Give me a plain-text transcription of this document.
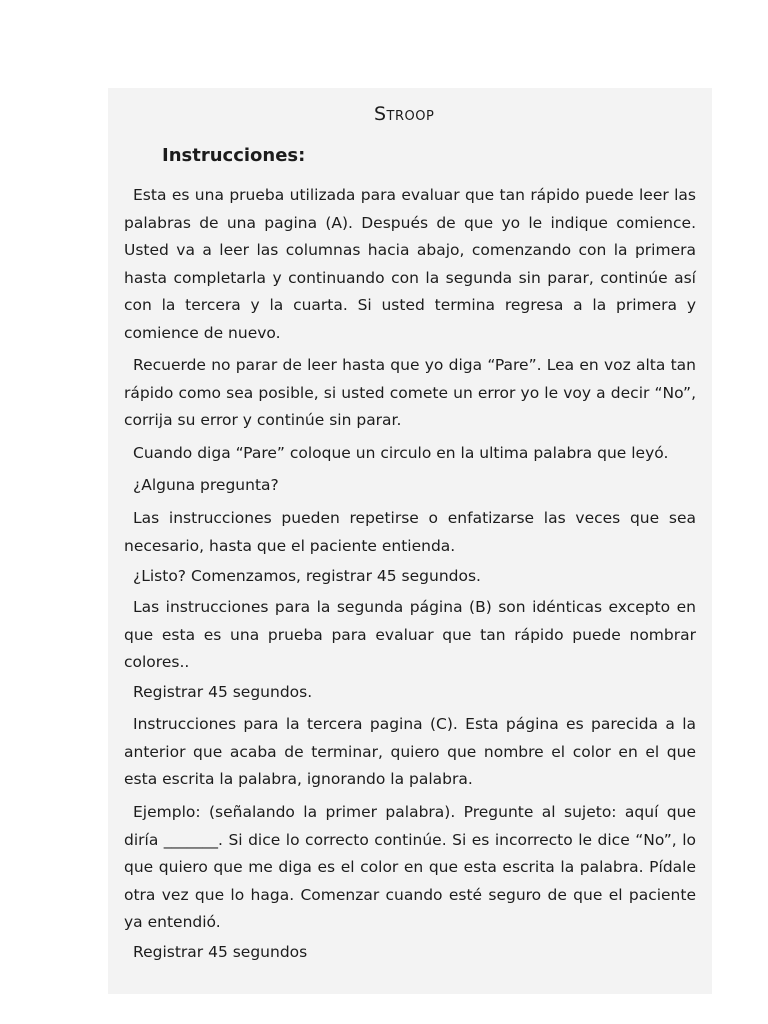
Stroop
Instrucciones:
Esta es una prueba utilizada para evaluar que tan rápido puede leer las palabras de una pagina (A). Después de que yo le indique comience. Usted va a leer las columnas hacia abajo, comenzando con la primera hasta completarla y continuando con la segunda sin parar, continúe así con la tercera y la cuarta. Si usted termina regresa a la primera y comience de nuevo.
Recuerde no parar de leer hasta que yo diga “Pare”. Lea en voz alta tan rápido como sea posible, si usted comete un error yo le voy a decir “No”, corrija su error y continúe sin parar.
Cuando diga “Pare” coloque un circulo en la ultima palabra que leyó.
¿Alguna pregunta?
Las instrucciones pueden repetirse o enfatizarse las veces que sea necesario, hasta que el paciente entienda.
¿Listo? Comenzamos, registrar 45 segundos.
Las instrucciones para la segunda página (B) son idénticas excepto en que esta es una prueba para evaluar que tan rápido puede nombrar colores..
Registrar 45 segundos.
Instrucciones para la tercera pagina (C). Esta página es parecida a la anterior que acaba de terminar, quiero que nombre el color en el que esta escrita la palabra, ignorando la palabra.
Ejemplo: (señalando la primer palabra). Pregunte al sujeto: aquí que diría _______. Si dice lo correcto continúe. Si es incorrecto le dice “No”, lo que quiero que me diga es el color en que esta escrita la palabra. Pídale otra vez que lo haga. Comenzar cuando esté seguro de que el paciente ya entendió.
Registrar 45 segundos
